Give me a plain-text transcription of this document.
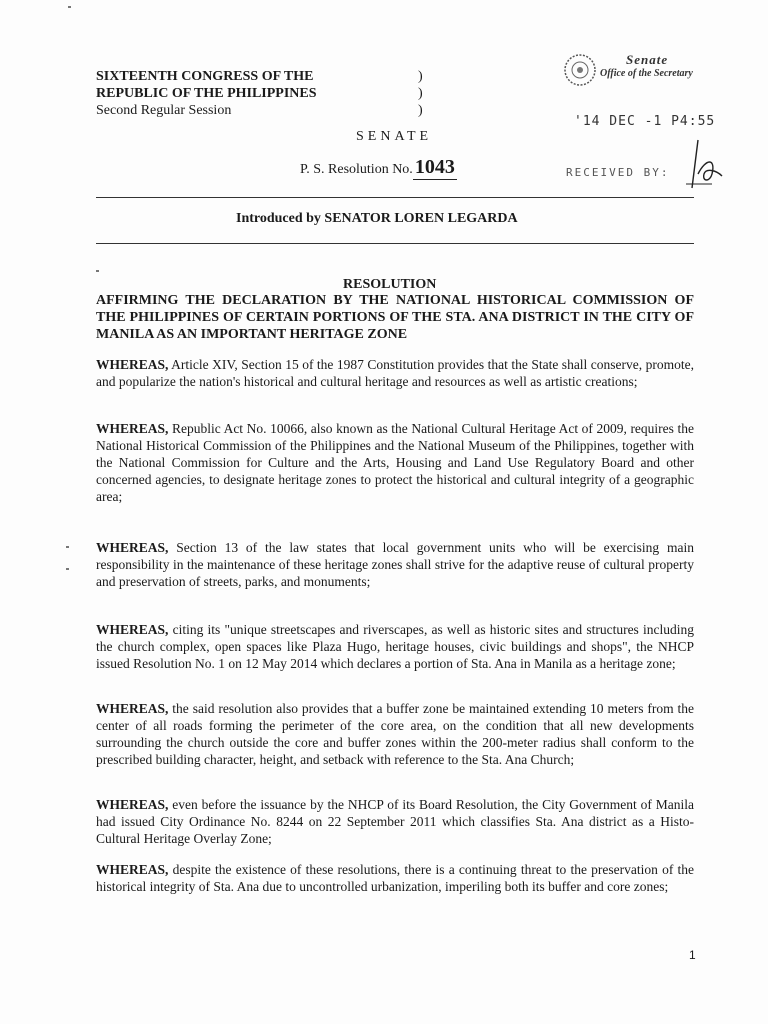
SIXTEENTH CONGRESS OF THE
REPUBLIC OF THE PHILIPPINES
Second Regular Session
)
)
)
Senate
Office of the Secretary
'14 DEC -1 P4:55
RECEIVED BY:
SENATE
P. S. Resolution No. 1043
Introduced by SENATOR LOREN LEGARDA
RESOLUTION
AFFIRMING THE DECLARATION BY THE NATIONAL HISTORICAL COMMISSION OF THE PHILIPPINES OF CERTAIN PORTIONS OF THE STA. ANA DISTRICT IN THE CITY OF MANILA AS AN IMPORTANT HERITAGE ZONE

WHEREAS, Article XIV, Section 15 of the 1987 Constitution provides that the State shall conserve, promote, and popularize the nation's historical and cultural heritage and resources as well as artistic creations;

WHEREAS, Republic Act No. 10066, also known as the National Cultural Heritage Act of 2009, requires the National Historical Commission of the Philippines and the National Museum of the Philippines, together with the National Commission for Culture and the Arts, Housing and Land Use Regulatory Board and other concerned agencies, to designate heritage zones to protect the historical and cultural integrity of a geographic area;

WHEREAS, Section 13 of the law states that local government units who will be exercising main responsibility in the maintenance of these heritage zones shall strive for the adaptive reuse of cultural property and preservation of streets, parks, and monuments;

WHEREAS, citing its "unique streetscapes and riverscapes, as well as historic sites and structures including the church complex, open spaces like Plaza Hugo, heritage houses, civic buildings and shops", the NHCP issued Resolution No. 1 on 12 May 2014 which declares a portion of Sta. Ana in Manila as a heritage zone;

WHEREAS, the said resolution also provides that a buffer zone be maintained extending 10 meters from the center of all roads forming the perimeter of the core area, on the condition that all new developments surrounding the church outside the core and buffer zones within the 200-meter radius shall conform to the prescribed building character, height, and setback with reference to the Sta. Ana Church;

WHEREAS, even before the issuance by the NHCP of its Board Resolution, the City Government of Manila had issued City Ordinance No. 8244 on 22 September 2011 which classifies Sta. Ana district as a Histo-Cultural Heritage Overlay Zone;

WHEREAS, despite the existence of these resolutions, there is a continuing threat to the preservation of the historical integrity of Sta. Ana due to uncontrolled urbanization, imperiling both its buffer and core zones;

1
